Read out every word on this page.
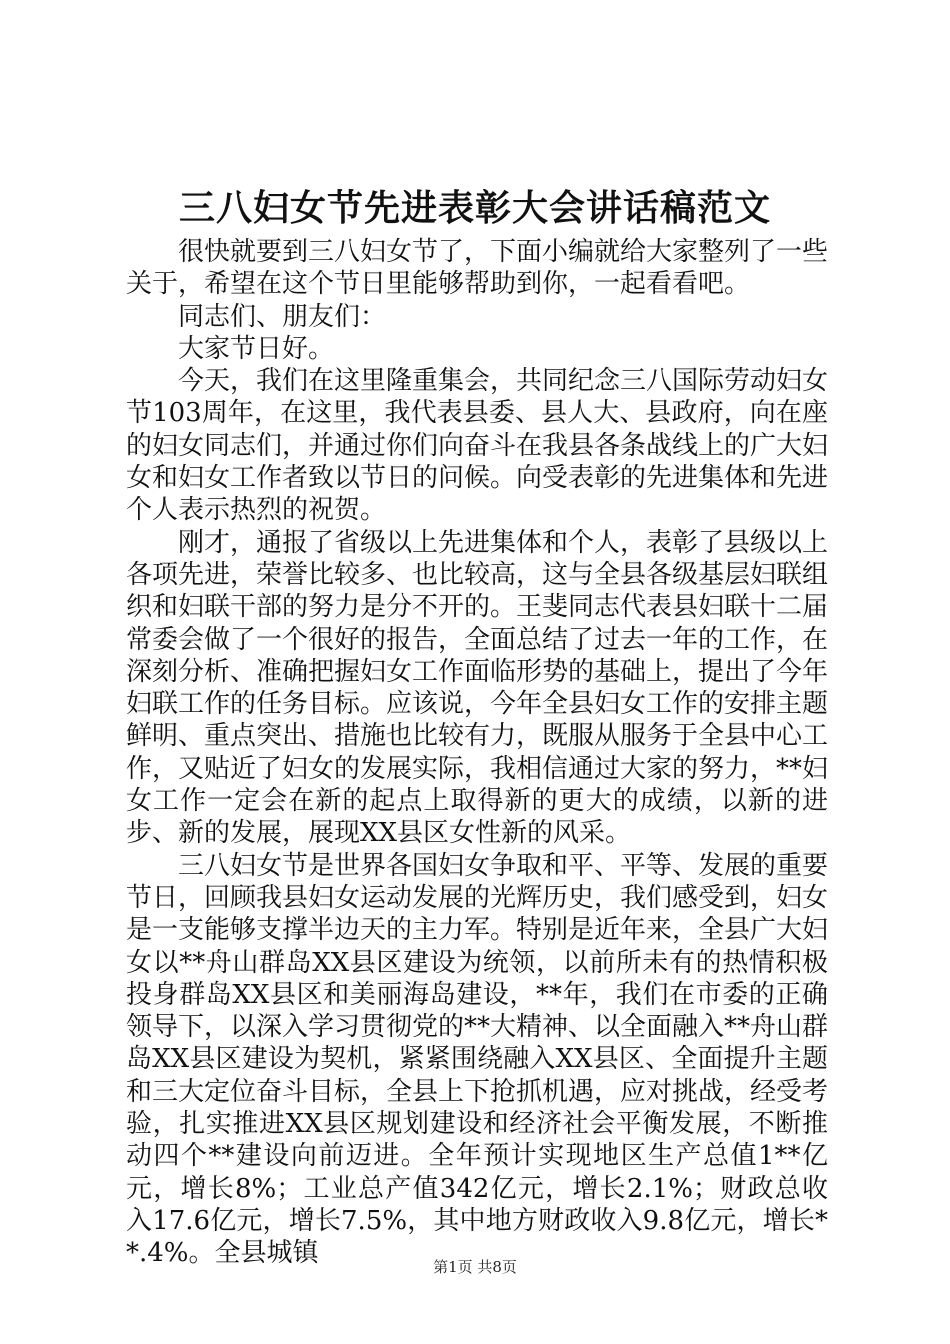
三八妇女节先进表彰大会讲话稿范文

很快就要到三八妇女节了，下面小编就给大家整列了一些关于，希望在这个节日里能够帮助到你，一起看看吧。

同志们、朋友们：

大家节日好。

今天，我们在这里隆重集会，共同纪念三八国际劳动妇女节103周年，在这里，我代表县委、县人大、县政府，向在座的妇女同志们，并通过你们向奋斗在我县各条战线上的广大妇女和妇女工作者致以节日的问候。向受表彰的先进集体和先进个人表示热烈的祝贺。

刚才，通报了省级以上先进集体和个人，表彰了县级以上各项先进，荣誉比较多、也比较高，这与全县各级基层妇联组织和妇联干部的努力是分不开的。王斐同志代表县妇联十二届常委会做了一个很好的报告，全面总结了过去一年的工作，在深刻分析、准确把握妇女工作面临形势的基础上，提出了今年妇联工作的任务目标。应该说，今年全县妇女工作的安排主题鲜明、重点突出、措施也比较有力，既服从服务于全县中心工作，又贴近了妇女的发展实际，我相信通过大家的努力，**妇女工作一定会在新的起点上取得新的更大的成绩，以新的进步、新的发展，展现XX县区女性新的风采。

三八妇女节是世界各国妇女争取和平、平等、发展的重要节日，回顾我县妇女运动发展的光辉历史，我们感受到，妇女是一支能够支撑半边天的主力军。特别是近年来，全县广大妇女以**舟山群岛XX县区建设为统领，以前所未有的热情积极投身群岛XX县区和美丽海岛建设，**年，我们在市委的正确领导下，以深入学习贯彻党的**大精神、以全面融入**舟山群岛XX县区建设为契机，紧紧围绕融入XX县区、全面提升主题和三大定位奋斗目标，全县上下抢抓机遇，应对挑战，经受考验，扎实推进XX县区规划建设和经济社会平衡发展，不断推动四个**建设向前迈进。全年预计实现地区生产总值1**亿元，增长8%；工业总产值342亿元，增长2.1%；财政总收入17.6亿元，增长7.5%，其中地方财政收入9.8亿元，增长**.4%。全县城镇	第1页 共8页
